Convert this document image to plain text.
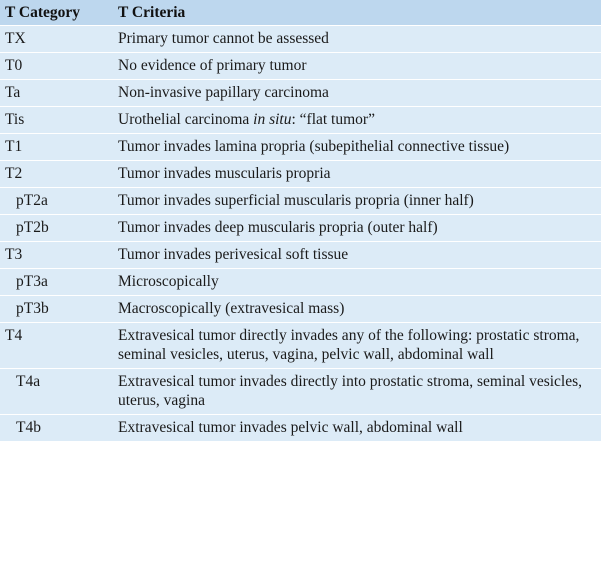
T Category	T Criteria
TX	Primary tumor cannot be assessed
T0	No evidence of primary tumor
Ta	Non-invasive papillary carcinoma
Tis	Urothelial carcinoma in situ: “flat tumor”
T1	Tumor invades lamina propria (subepithelial connective tissue)
T2	Tumor invades muscularis propria
pT2a	Tumor invades superficial muscularis propria (inner half)
pT2b	Tumor invades deep muscularis propria (outer half)
T3	Tumor invades perivesical soft tissue
pT3a	Microscopically
pT3b	Macroscopically (extravesical mass)
T4	Extravesical tumor directly invades any of the following: prostatic stroma, seminal vesicles, uterus, vagina, pelvic wall, abdominal wall
T4a	Extravesical tumor invades directly into prostatic stroma, seminal vesicles, uterus, vagina
T4b	Extravesical tumor invades pelvic wall, abdominal wall
